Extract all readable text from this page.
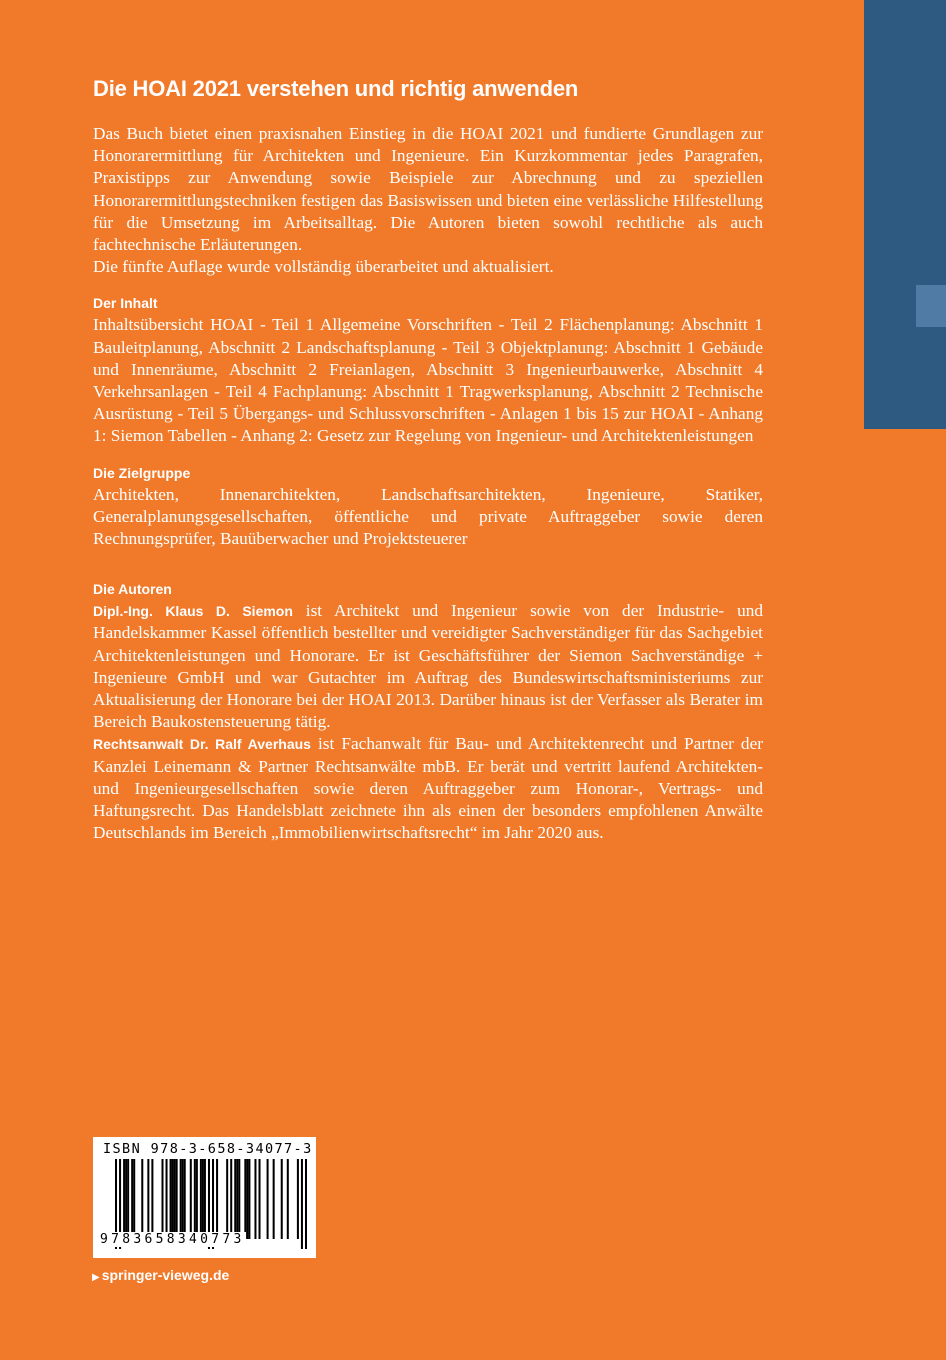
Die HOAI 2021 verstehen und richtig anwenden

Das Buch bietet einen praxisnahen Einstieg in die HOAI 2021 und fundierte Grundlagen zur Honorarermittlung für Architekten und Ingenieure. Ein Kurzkommentar jedes Paragrafen, Praxistipps zur Anwendung sowie Beispiele zur Abrechnung und zu speziellen Honorarermittlungstechniken festigen das Basiswissen und bieten eine verlässliche Hilfestellung für die Umsetzung im Arbeitsalltag. Die Autoren bieten sowohl rechtliche als auch fachtechnische Erläuterungen.

Die fünfte Auflage wurde vollständig überarbeitet und aktualisiert.

Der Inhalt

Inhaltsübersicht HOAI - Teil 1 Allgemeine Vorschriften - Teil 2 Flächenplanung: Abschnitt 1 Bauleitplanung, Abschnitt 2 Landschaftsplanung - Teil 3 Objektplanung: Abschnitt 1 Gebäude und Innenräume, Abschnitt 2 Freianlagen, Abschnitt 3 Ingenieurbauwerke, Abschnitt 4 Verkehrsanlagen - Teil 4 Fachplanung: Abschnitt 1 Tragwerksplanung, Abschnitt 2 Technische Ausrüstung - Teil 5 Übergangs- und Schlussvorschriften - Anlagen 1 bis 15 zur HOAI - Anhang 1: Siemon Tabellen - Anhang 2: Gesetz zur Regelung von Ingenieur- und Architektenleistungen

Die Zielgruppe

Architekten, Innenarchitekten, Landschaftsarchitekten, Ingenieure, Statiker, Generalplanungsgesellschaften, öffentliche und private Auftraggeber sowie deren Rechnungsprüfer, Bauüberwacher und Projektsteuerer

Die Autoren

Dipl.-Ing. Klaus D. Siemon ist Architekt und Ingenieur sowie von der Industrie- und Handelskammer Kassel öffentlich bestellter und vereidigter Sachverständiger für das Sachgebiet Architektenleistungen und Honorare. Er ist Geschäftsführer der Siemon Sachverständige + Ingenieure GmbH und war Gutachter im Auftrag des Bundeswirtschaftsministeriums zur Aktualisierung der Honorare bei der HOAI 2013. Darüber hinaus ist der Verfasser als Berater im Bereich Baukostensteuerung tätig.

Rechtsanwalt Dr. Ralf Averhaus ist Fachanwalt für Bau- und Architektenrecht und Partner der Kanzlei Leinemann & Partner Rechtsanwälte mbB. Er berät und vertritt laufend Architekten- und Ingenieurgesellschaften sowie deren Auftraggeber zum Honorar-, Vertrags- und Haftungsrecht. Das Handelsblatt zeichnete ihn als einen der besonders empfohlenen Anwälte Deutschlands im Bereich „Immobilienwirtschaftsrecht“ im Jahr 2020 aus.

ISBN 978-3-658-34077-3
9783658340773
▶ springer-vieweg.de
